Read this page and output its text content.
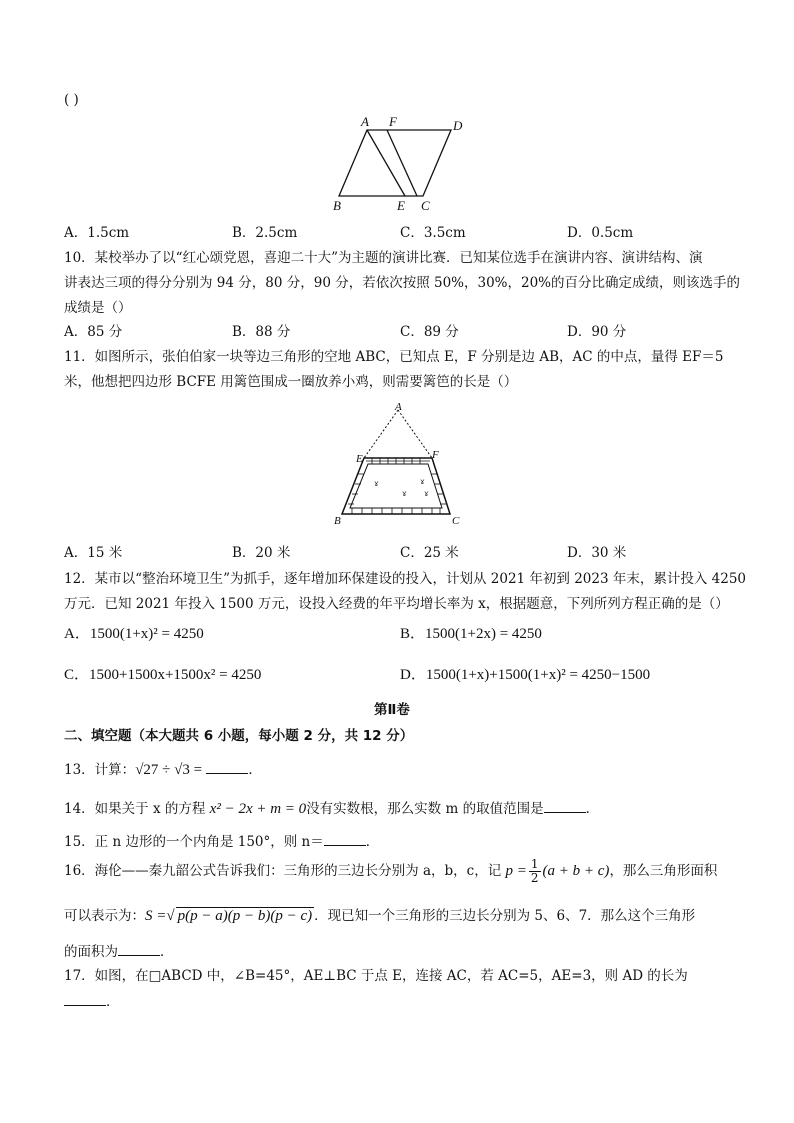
( )
A F	D
B	E C
A．1.5cm	B．2.5cm	C．3.5cm	D．0.5cm
10．某校举办了以“红心颂党恩，喜迎二十大”为主题的演讲比赛．已知某位选手在演讲内容、演讲结构、演
讲表达三项的得分分别为 94 分，80 分，90 分，若依次按照 50%，30%，20%的百分比确定成绩，则该选手的
成绩是（）
A．85 分	B．88 分	C．89 分	D．90 分
11．如图所示，张伯伯家一块等边三角形的空地 ABC，已知点 E，F 分别是边 AB，AC 的中点，量得 EF＝5
米，他想把四边形 BCFE 用篱笆围成一圈放养小鸡，则需要篱笆的长是（）
ɤ
ɤ
ɤ
ɤ
A
E	F
B	C
A．15 米	B．20 米	C．25 米	D．30 米
12．某市以“整治环境卫生”为抓手，逐年增加环保建设的投入，计划从 2021 年初到 2023 年末，累计投入 4250
万元．已知 2021 年投入 1500 万元，设投入经费的年平均增长率为 x，根据题意，下列所列方程正确的是（）
A．1500(1+x)² = 4250	B．1500(1+2x) = 4250
C．1500+1500x+1500x² = 4250	D．1500(1+x)+1500(1+x)² = 4250−1500
第Ⅱ卷
二、填空题（本大题共 6 小题，每小题 2 分，共 12 分）
13．计算：√27 ÷ √3 =	．
14．如果关于 x 的方程 x² − 2x + m = 0没有实数根，那么实数 m 的取值范围是	．
15．正 n 边形的一个内角是 150°，则 n＝	．
16．海伦——秦九韶公式告诉我们：三角形的三边长分别为 a，b，c，记 $p = \frac{1}{2} (a + b + c)$，那么三角形面积
可以表示为：S =√ p(p − a)(p − b)(p − c) ．现已知一个三角形的三边长分别为 5、6、7．那么这个三角形
的面积为	．
17．如图，在□ABCD 中，∠B=45°，AE⊥BC 于点 E，连接 AC，若 AC=5，AE=3，则 AD 的长为
．
